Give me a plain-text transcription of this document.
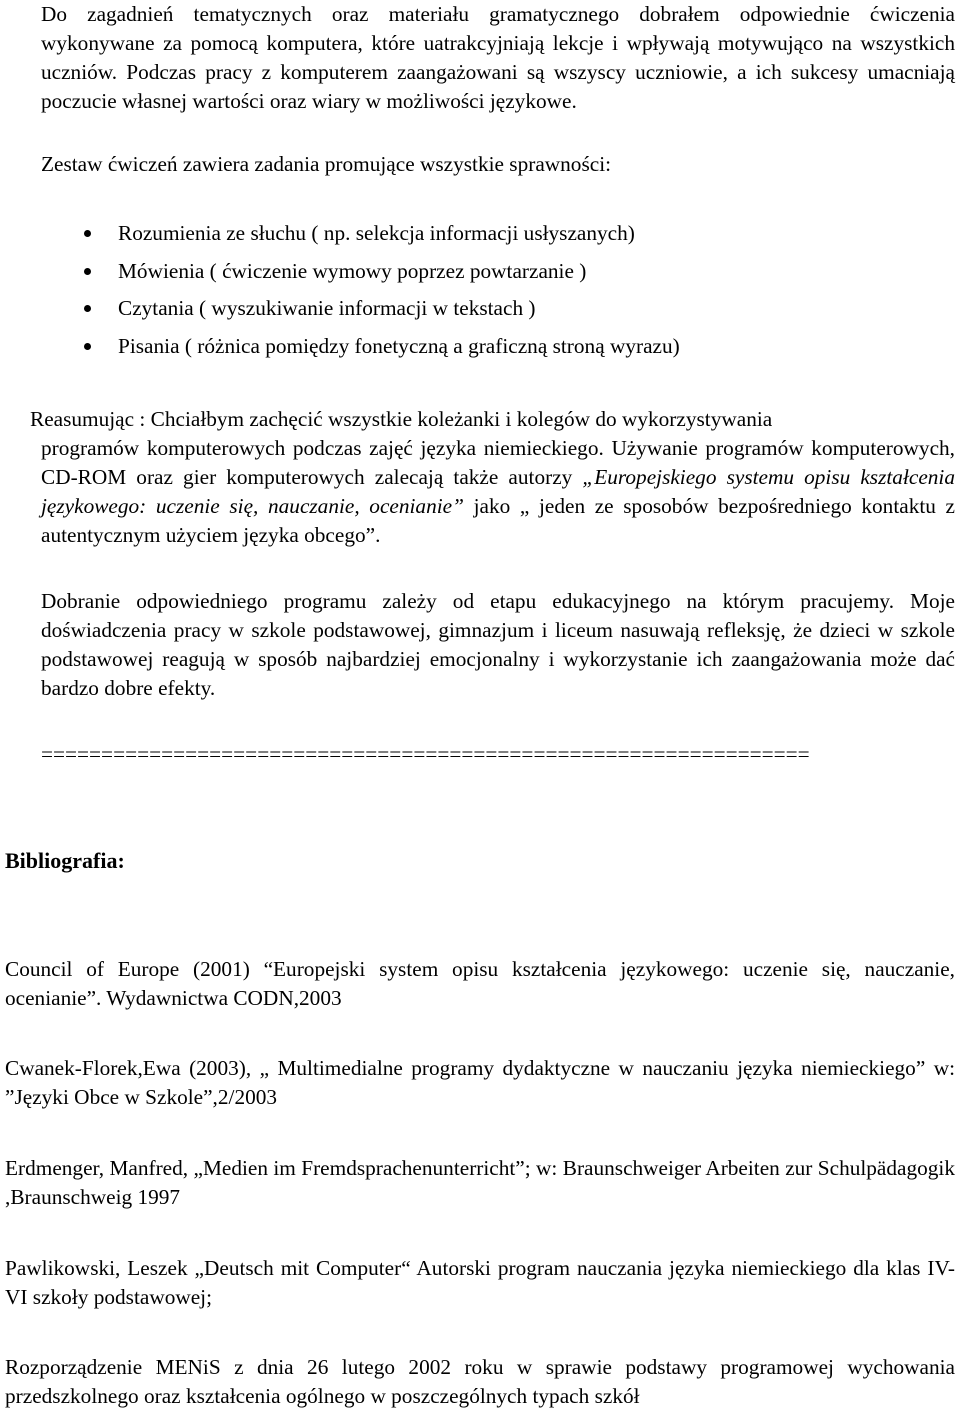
Do zagadnień tematycznych oraz materiału gramatycznego dobrałem odpowiednie ćwiczenia wykonywane za pomocą komputera, które uatrakcyjniają lekcje i wpływają motywująco na wszystkich uczniów. Podczas pracy z komputerem zaangażowani są wszyscy uczniowie, a ich sukcesy umacniają poczucie własnej wartości oraz wiary w możliwości językowe.

Zestaw ćwiczeń zawiera zadania promujące wszystkie sprawności:

Rozumienia ze słuchu ( np. selekcja informacji usłyszanych)
Mówienia ( ćwiczenie wymowy poprzez powtarzanie )
Czytania ( wyszukiwanie informacji w tekstach )
Pisania ( różnica pomiędzy fonetyczną a graficzną stroną wyrazu)
Reasumując : Chciałbym zachęcić wszystkie koleżanki i kolegów do wykorzystywania
programów komputerowych podczas zajęć języka niemieckiego. Używanie programów komputerowych, CD-ROM oraz gier komputerowych zalecają także autorzy „Europejskiego systemu opisu kształcenia językowego: uczenie się, nauczanie, ocenianie” jako „ jeden ze sposobów bezpośredniego kontaktu z autentycznym użyciem języka obcego”.

Dobranie odpowiedniego programu zależy od etapu edukacyjnego na którym pracujemy. Moje doświadczenia pracy w szkole podstawowej, gimnazjum i liceum nasuwają refleksję, że dzieci w szkole podstawowej reagują w sposób najbardziej emocjonalny i wykorzystanie ich zaangażowania może dać bardzo dobre efekty.

================================================================
Bibliografia:

Council of Europe (2001) “Europejski system opisu kształcenia językowego: uczenie się, nauczanie, ocenianie”. Wydawnictwa CODN,2003

Cwanek-Florek,Ewa (2003), „ Multimedialne programy dydaktyczne w nauczaniu języka niemieckiego” w: ”Języki Obce w Szkole”,2/2003

Erdmenger, Manfred, „Medien im Fremdsprachenunterricht”; w: Braunschweiger Arbeiten zur Schulpädagogik ,Braunschweig 1997

Pawlikowski, Leszek „Deutsch mit Computer“ Autorski program nauczania języka niemieckiego dla klas IV-VI szkoły podstawowej;

Rozporządzenie MENiS z dnia 26 lutego 2002 roku w sprawie podstawy programowej wychowania przedszkolnego oraz kształcenia ogólnego w poszczególnych typach szkół
